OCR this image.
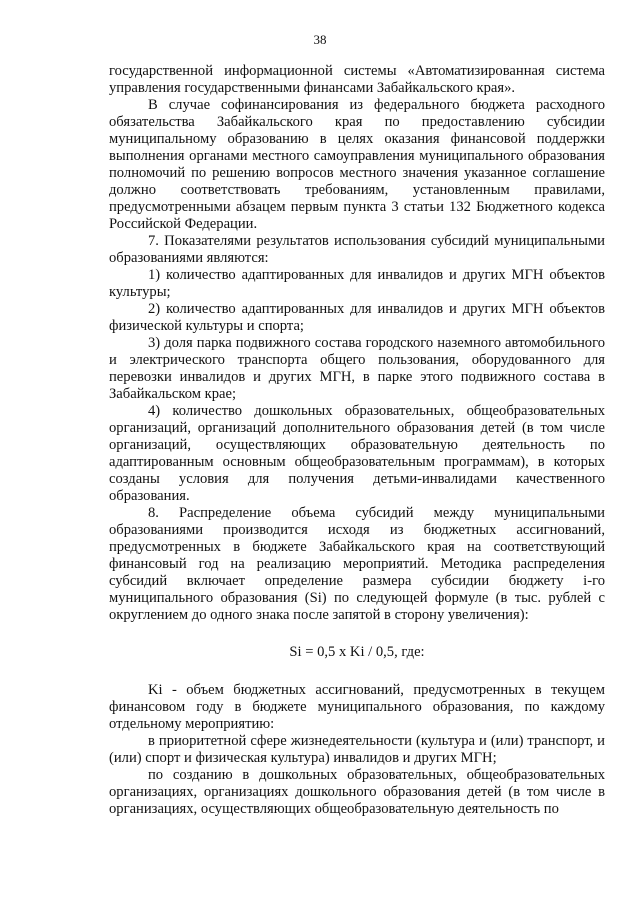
38

государственной информационной системы «Автоматизированная система управления государственными финансами Забайкальского края».

В случае софинансирования из федерального бюджета расходного обязательства Забайкальского края по предоставлению субсидии муниципальному образованию в целях оказания финансовой поддержки выполнения органами местного самоуправления муниципального образования полномочий по решению вопросов местного значения указанное соглашение должно соответствовать требованиям, установленным правилами, предусмотренными абзацем первым пункта 3 статьи 132 Бюджетного кодекса Российской Федерации.

7. Показателями результатов использования субсидий муниципальными образованиями являются:

1) количество адаптированных для инвалидов и других МГН объектов культуры;

2) количество адаптированных для инвалидов и других МГН объектов физической культуры и спорта;

3) доля парка подвижного состава городского наземного автомобильного и электрического транспорта общего пользования, оборудованного для перевозки инвалидов и других МГН, в парке этого подвижного состава в Забайкальском крае;

4) количество дошкольных образовательных, общеобразовательных организаций, организаций дополнительного образования детей (в том числе организаций, осуществляющих образовательную деятельность по адаптированным основным общеобразовательным программам), в которых созданы условия для получения детьми-инвалидами качественного образования.

8. Распределение объема субсидий между муниципальными образованиями производится исходя из бюджетных ассигнований, предусмотренных в бюджете Забайкальского края на соответствующий финансовый год на реализацию мероприятий. Методика распределения субсидий включает определение размера субсидии бюджету i-го муниципального образования (Si) по следующей формуле (в тыс. рублей с округлением до одного знака после запятой в сторону увеличения):

Si = 0,5 x Ki / 0,5, где:

Ki - объем бюджетных ассигнований, предусмотренных в текущем финансовом году в бюджете муниципального образования, по каждому отдельному мероприятию:

в приоритетной сфере жизнедеятельности (культура и (или) транспорт, и (или) спорт и физическая культура) инвалидов и других МГН;

по созданию в дошкольных образовательных, общеобразовательных организациях, организациях дошкольного образования детей (в том числе в организациях, осуществляющих общеобразовательную деятельность по
